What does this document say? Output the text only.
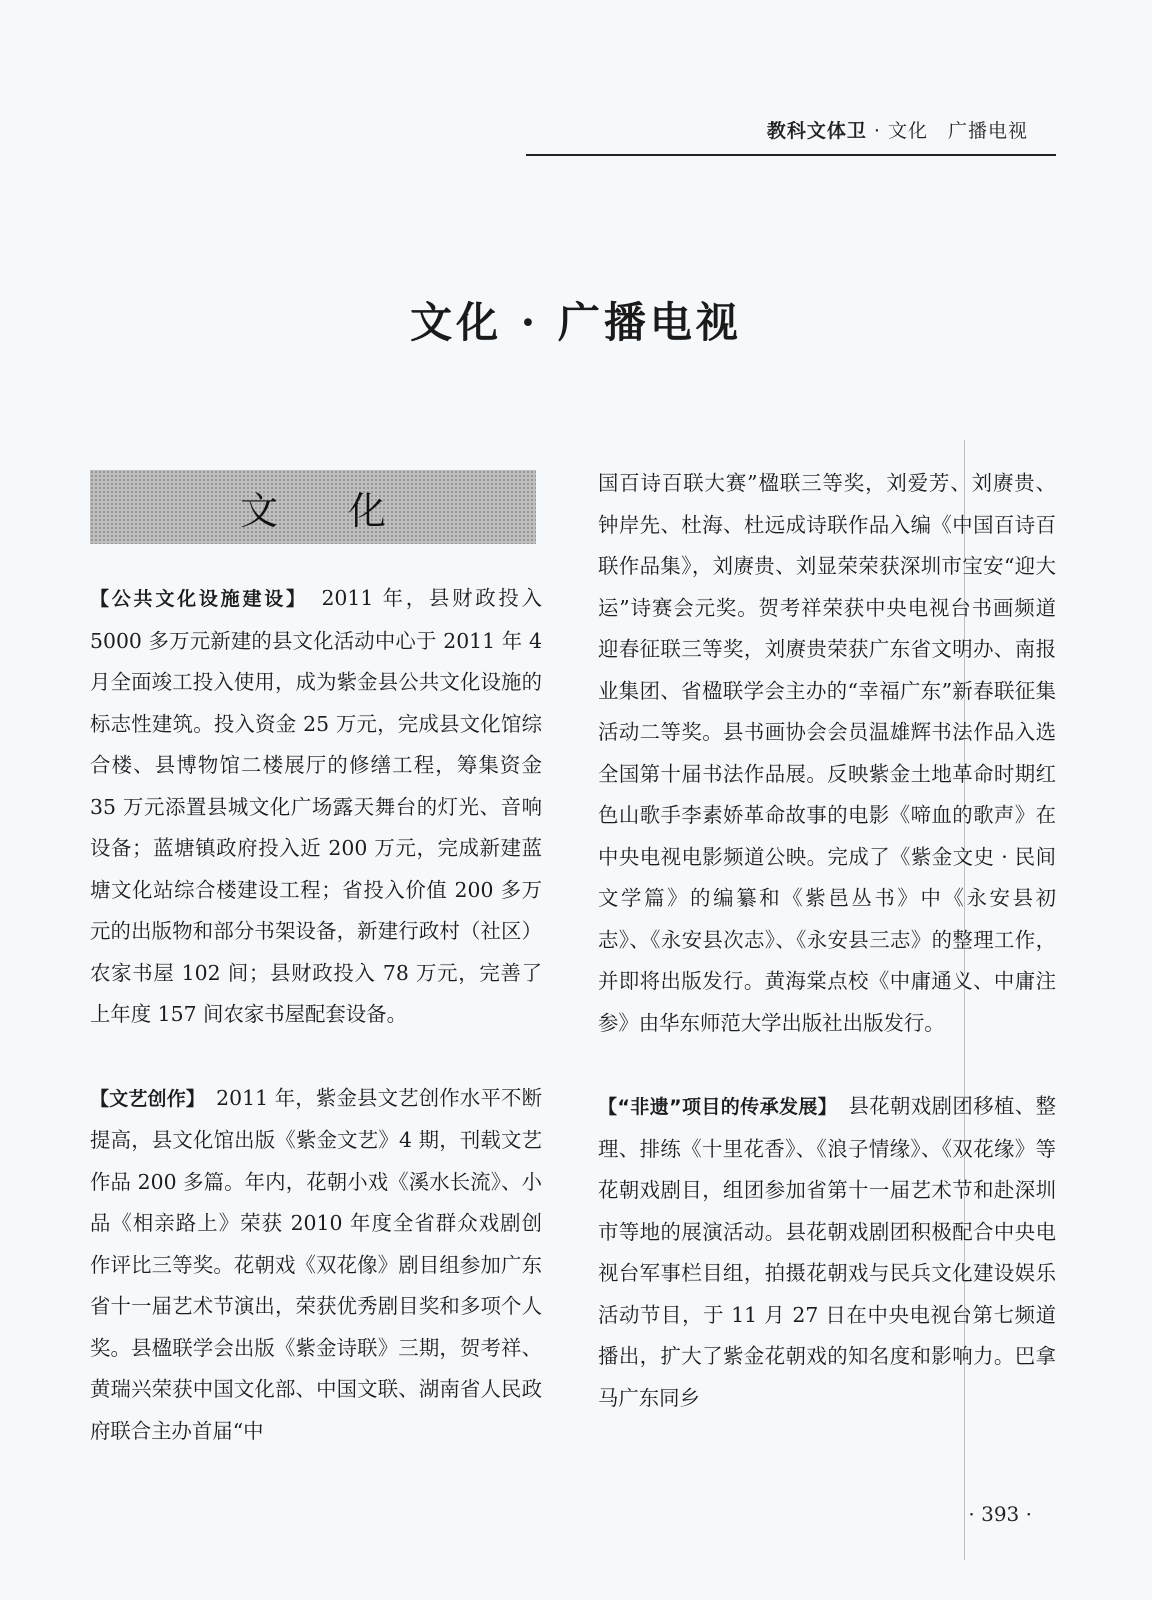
教科文体卫 · 文化　广播电视
文化 · 广播电视
文化

【公共文化设施建设】　2011 年，县财政投入 5000 多万元新建的县文化活动中心于 2011 年 4 月全面竣工投入使用，成为紫金县公共文化设施的标志性建筑。投入资金 25 万元，完成县文化馆综合楼、县博物馆二楼展厅的修缮工程，筹集资金 35 万元添置县城文化广场露天舞台的灯光、音响设备；蓝塘镇政府投入近 200 万元，完成新建蓝塘文化站综合楼建设工程；省投入价值 200 多万元的出版物和部分书架设备，新建行政村（社区）农家书屋 102 间；县财政投入 78 万元，完善了上年度 157 间农家书屋配套设备。

【文艺创作】　2011 年，紫金县文艺创作水平不断提高，县文化馆出版《紫金文艺》4 期，刊载文艺作品 200 多篇。年内，花朝小戏《溪水长流》、小品《相亲路上》荣获 2010 年度全省群众戏剧创作评比三等奖。花朝戏《双花像》剧目组参加广东省十一届艺术节演出，荣获优秀剧目奖和多项个人奖。县楹联学会出版《紫金诗联》三期，贺考祥、黄瑞兴荣获中国文化部、中国文联、湖南省人民政府联合主办首届“中

国百诗百联大赛”楹联三等奖，刘爱芳、刘赓贵、钟岸先、杜海、杜远成诗联作品入编《中国百诗百联作品集》，刘赓贵、刘显荣荣获深圳市宝安“迎大运”诗赛会元奖。贺考祥荣获中央电视台书画频道迎春征联三等奖，刘赓贵荣获广东省文明办、南报业集团、省楹联学会主办的“幸福广东”新春联征集活动二等奖。县书画协会会员温雄辉书法作品入选全国第十届书法作品展。反映紫金土地革命时期红色山歌手李素娇革命故事的电影《啼血的歌声》在中央电视电影频道公映。完成了《紫金文史 · 民间文学篇》的编纂和《紫邑丛书》中《永安县初志》、《永安县次志》、《永安县三志》的整理工作，并即将出版发行。黄海棠点校《中庸通义、中庸注参》由华东师范大学出版社出版发行。

【“非遗”项目的传承发展】　县花朝戏剧团移植、整理、排练《十里花香》、《浪子情缘》、《双花缘》等花朝戏剧目，组团参加省第十一届艺术节和赴深圳市等地的展演活动。县花朝戏剧团积极配合中央电视台军事栏目组，拍摄花朝戏与民兵文化建设娱乐活动节目，于 11 月 27 日在中央电视台第七频道播出，扩大了紫金花朝戏的知名度和影响力。巴拿马广东同乡

· 393 ·
